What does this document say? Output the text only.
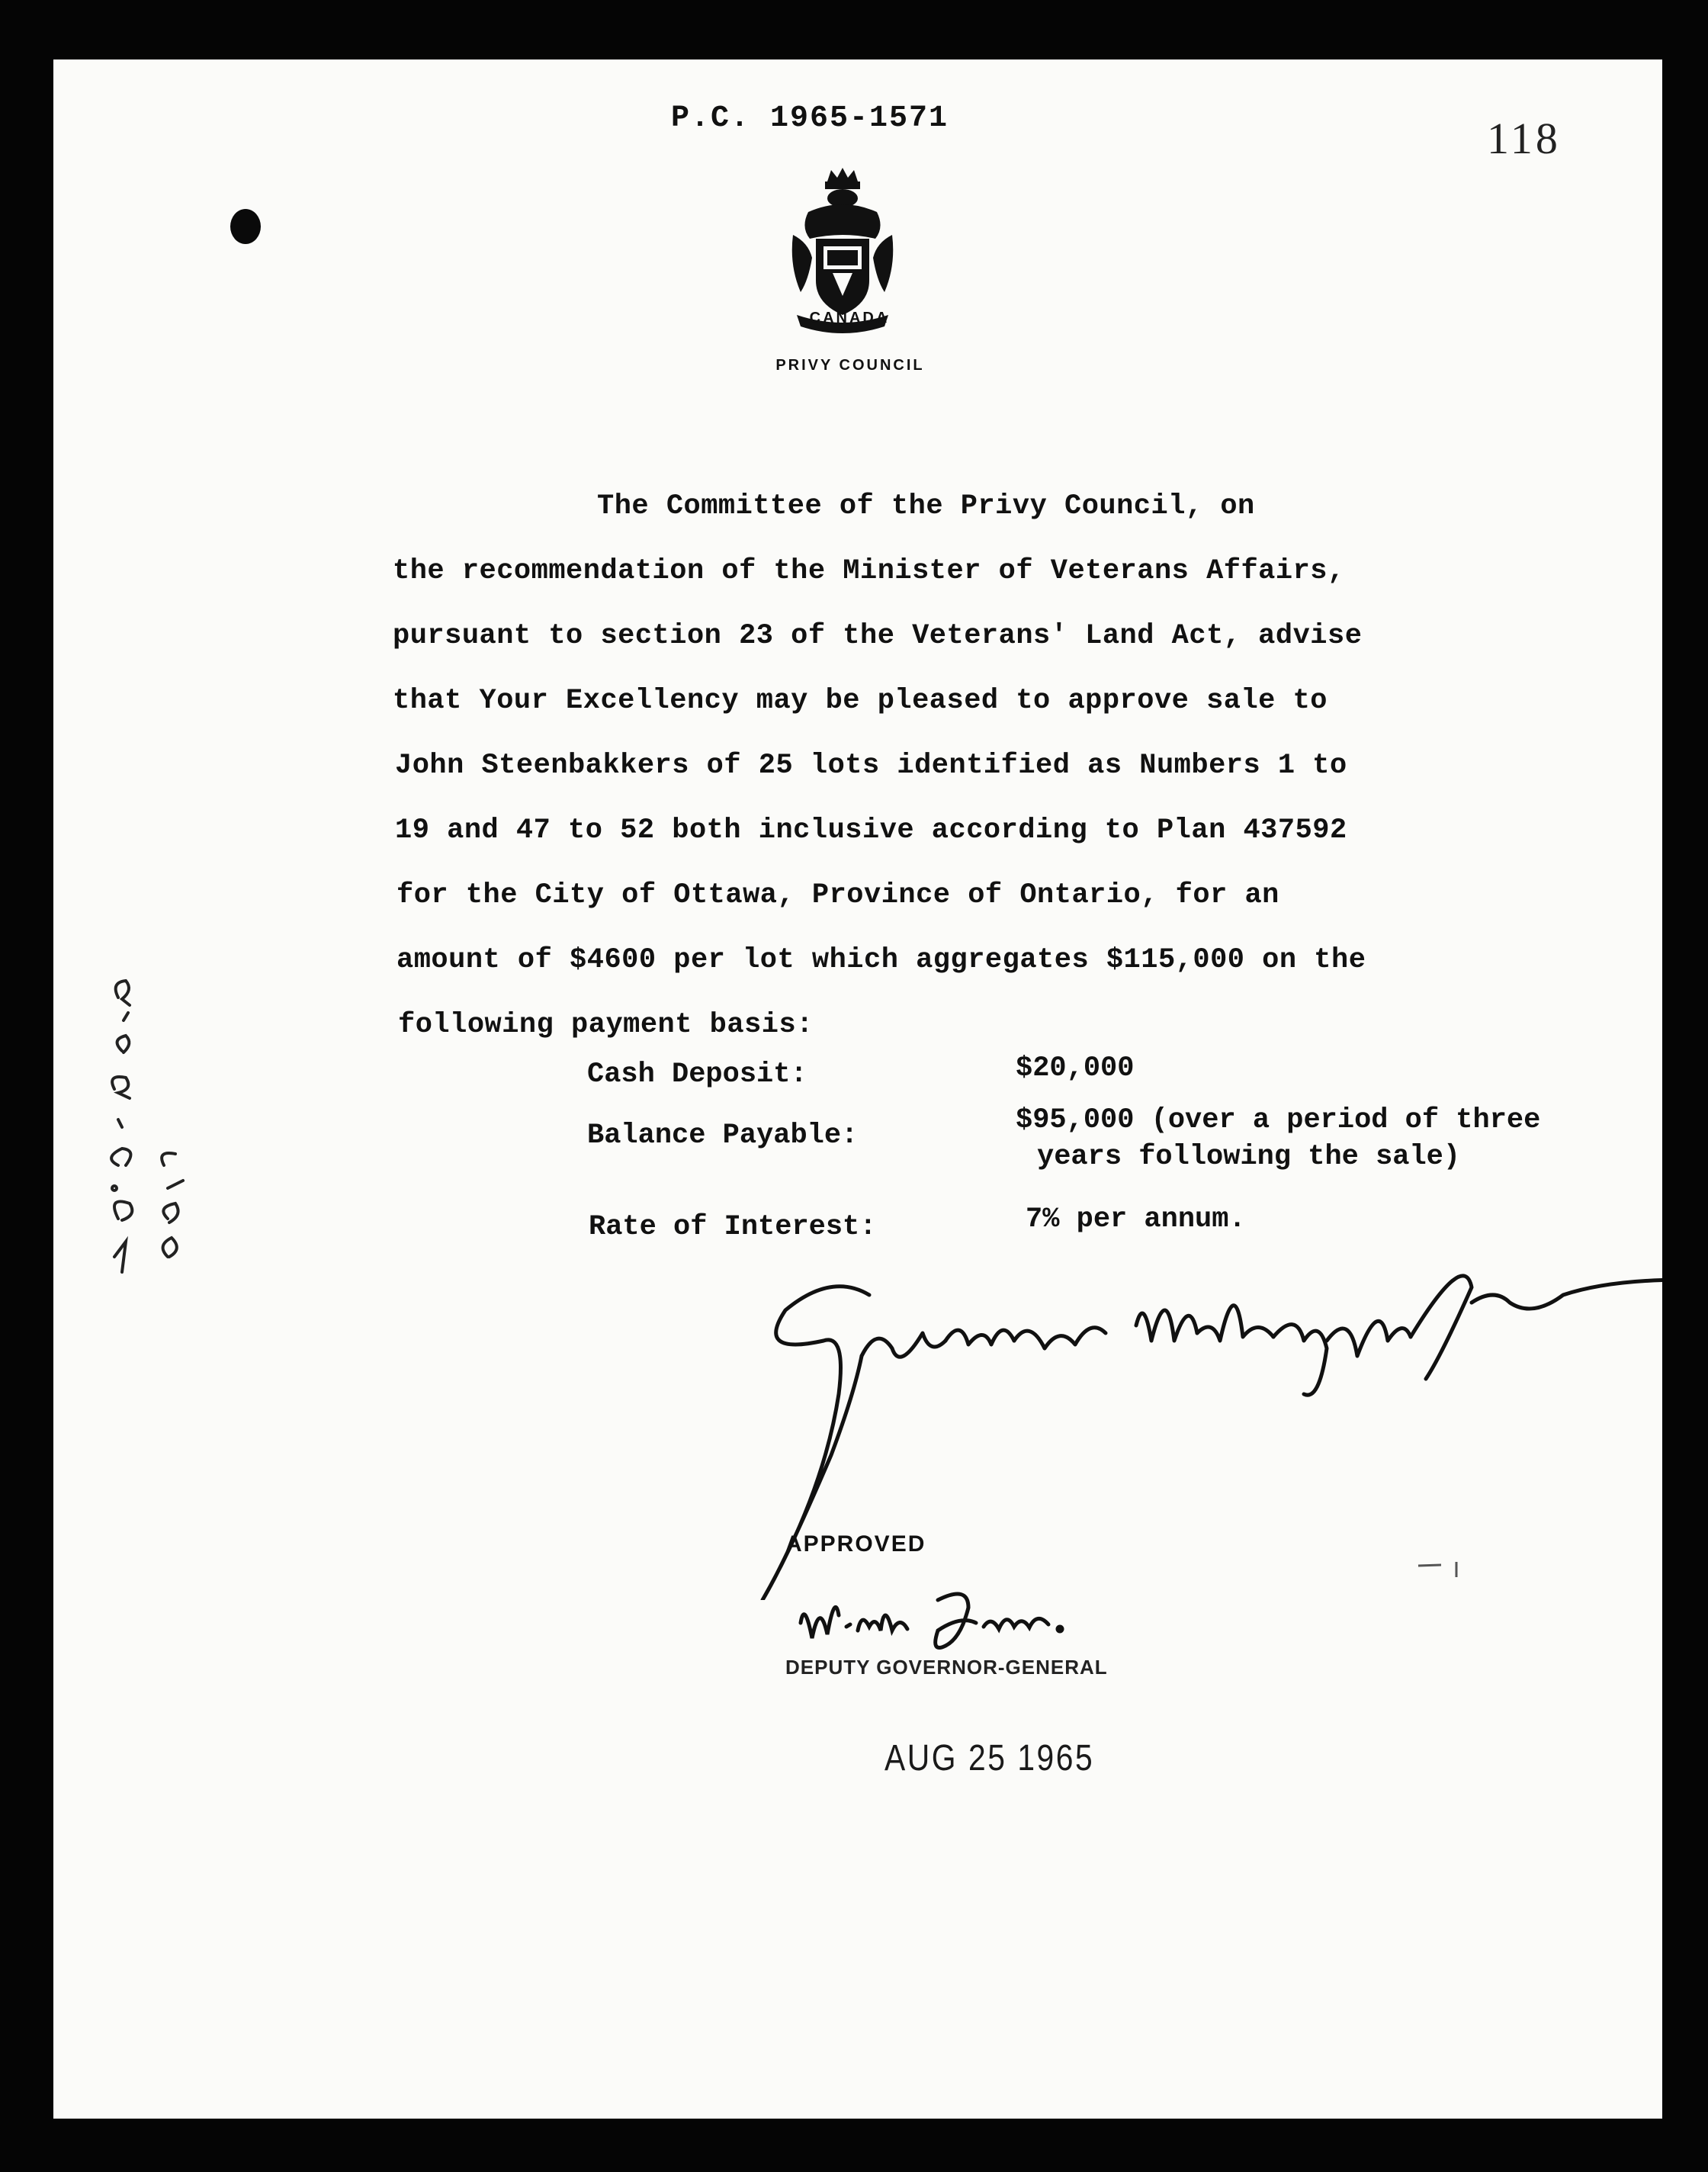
P.C. 1965-1571	118
CANADA
PRIVY COUNCIL
The Committee of the Privy Council, on
the recommendation of the Minister of Veterans Affairs,
pursuant to section 23 of the Veterans' Land Act, advise
that Your Excellency may be pleased to approve sale to
John Steenbakkers of 25 lots identified as Numbers 1 to
19 and 47 to 52 both inclusive according to Plan 437592
for the City of Ottawa, Province of Ontario, for an
amount of $4600 per lot which aggregates $115,000 on the
following payment basis:
Cash Deposit:	$20,000
Balance Payable:	$95,000 (over a period of three
years following the sale)
Rate of Interest:	7% per annum.
APPROVED
DEPUTY GOVERNOR-GENERAL
AUG 25 1965
